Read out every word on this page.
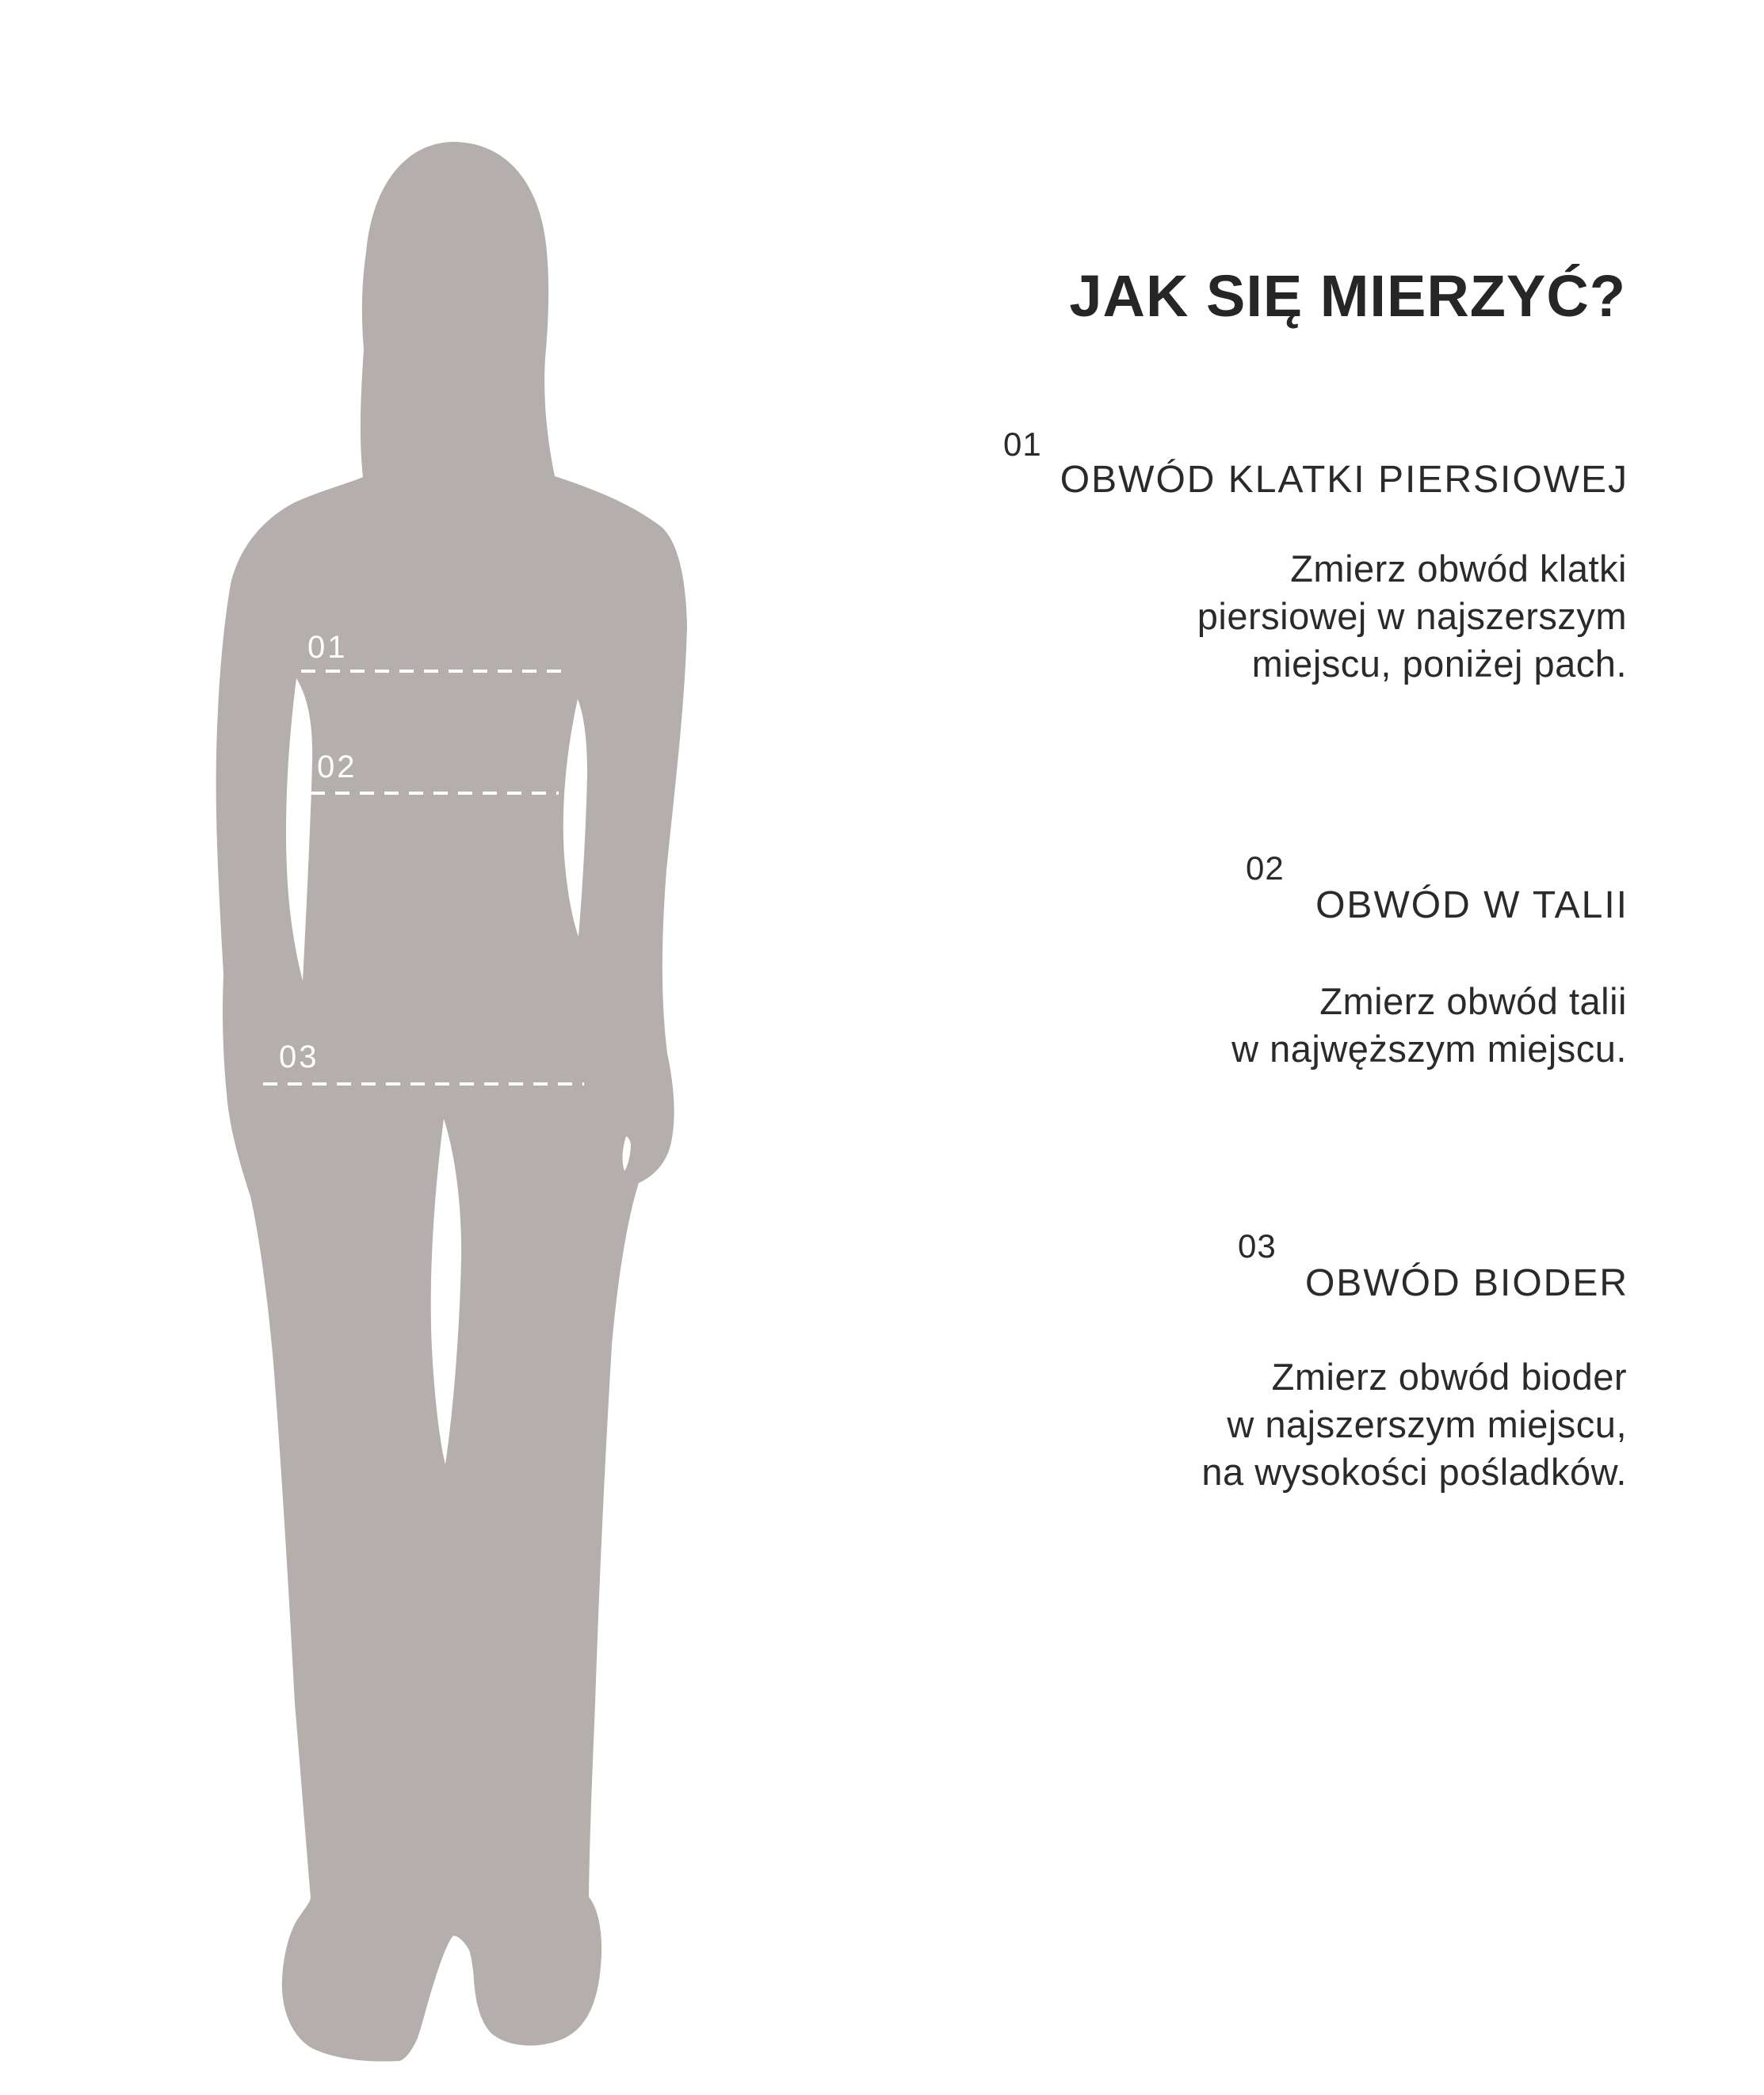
01
02
03
JAK SIĘ MIERZYĆ?
01
OBWÓD KLATKI PIERSIOWEJ
Zmierz obwód klatki
piersiowej w najszerszym
miejscu, poniżej pach.
02
OBWÓD W TALII
Zmierz obwód talii
w najwęższym miejscu.
03
OBWÓD BIODER
Zmierz obwód bioder
w najszerszym miejscu,
na wysokości pośladków.
